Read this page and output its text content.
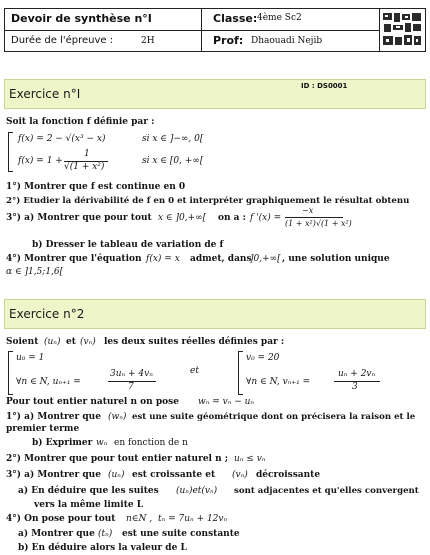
Devoir de synthèse n°I	Classe: 4ème Sc2
Durée de l'épreuve :	2H	Prof: Dhaouadi Nejib
Exercice n°I
ID : DS0001
Soit la fonction f définie par :
f(x) = 2 − √(x³ − x)	si x ∈ ]−∞, 0[
f(x) = 1 +
1
√(1 + x²)
si x ∈ [0, +∞[
1°) Montrer que f est continue en 0
2°) Etudier la dérivabilité de f en 0 et interpréter graphiquement le résultat obtenu
3°) a) Montrer que pour tout x ∈ ]0,+∞[ on a : f '(x) =
−x
(1 + x²)√(1 + x²)
b) Dresser le tableau de variation de f
4°) Montrer que l'équation f(x) = x admet, dans
]0,+∞[ , une solution unique
α ∈ ]1,5;1,6[
Exercice n°2
Soient (uₙ) et (vₙ) les deux suites réelles définies par :
u₀ = 1
∀n ∈ N, uₙ₊₁ =
3uₙ + 4vₙ
7
et
v₀ = 20
∀n ∈ N, vₙ₊₁ =
uₙ + 2vₙ
3
Pour tout entier naturel n on pose wₙ = vₙ − uₙ
1°) a) Montrer que (wₙ) est une suite géométrique dont on précisera la raison et le
premier terme
b) Exprimer wₙ en fonction de n
2°) Montrer que pour tout entier naturel n ; uₙ ≤ vₙ
3°) a) Montrer que (uₙ) est croissante et (vₙ) décroissante
a) En déduire que les suites (uₙ)et(vₙ) sont adjacentes et qu'elles convergent
vers la même limite L
4°) On pose pour tout n∈N , tₙ = 7uₙ + 12vₙ
a) Montrer que (tₙ) est une suite constante
b) En déduire alors la valeur de L
